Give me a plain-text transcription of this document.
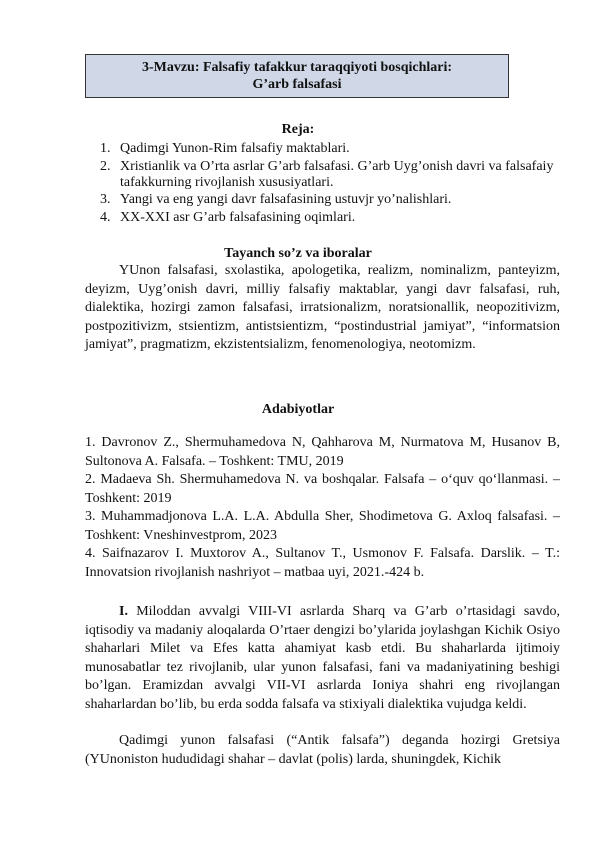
3-Mavzu: Falsafiy tafakkur taraqqiyoti bosqichlari:
G’arb falsafasi
Reja:
1. Qadimgi Yunon-Rim falsafiy maktablari.
2. Xristianlik va O’rta asrlar G’arb falsafasi. G’arb Uyg’onish davri va falsafaiy tafakkurning rivojlanish xususiyatlari.
3. Yangi va eng yangi davr falsafasining ustuvjr yo’nalishlari.
4. XX-XXI asr G’arb falsafasining oqimlari.
Tayanch so’z va iboralar

YUnon falsafasi, sxolastika, apologetika, realizm, nominalizm, panteyizm, deyizm, Uyg’onish davri, milliy falsafiy maktablar, yangi davr falsafasi, ruh, dialektika, hozirgi zamon falsafasi, irratsionalizm, noratsionallik, neopozitivizm, postpozitivizm, stsientizm, antistsientizm, “postindustrial jamiyat”, “informatsion jamiyat”, pragmatizm, ekzistentsializm, fenomenologiya, neotomizm.

Adabiyotlar
1. Davronov Z., Shermuhamedova N, Qahharova M, Nurmatova M, Husanov B, Sultonova A. Falsafa. – Toshkent: TMU, 2019
2. Madaeva Sh. Shermuhamedova N. va boshqalar. Falsafa – o‘quv qo‘llanmasi. – Toshkent: 2019
3. Muhammadjonova L.A. L.A. Abdulla Sher, Shodimetova G. Axloq falsafasi. – Toshkent: Vneshinvestprom, 2023
4. Saifnazarov I. Muxtorov A., Sultanov T., Usmonov F. Falsafa. Darslik. – T.: Innovatsion rivojlanish nashriyot – matbaa uyi, 2021.-424 b.

I. Miloddan avvalgi VIII-VI asrlarda Sharq va G’arb o’rtasidagi savdo, iqtisodiy va madaniy aloqalarda O’rtaer dengizi bo’ylarida joylashgan Kichik Osiyo shaharlari Milet va Efes katta ahamiyat kasb etdi. Bu shaharlarda ijtimoiy munosabatlar tez rivojlanib, ular yunon falsafasi, fani va madaniyatining beshigi bo’lgan. Eramizdan avvalgi VII-VI asrlarda Ioniya shahri eng rivojlangan shaharlardan bo’lib, bu erda sodda falsafa va stixiyali dialektika vujudga keldi.

Qadimgi yunon falsafasi (“Antik falsafa”) deganda hozirgi Gretsiya (YUnoniston hududidagi shahar – davlat (polis) larda, shuningdek, Kichik
